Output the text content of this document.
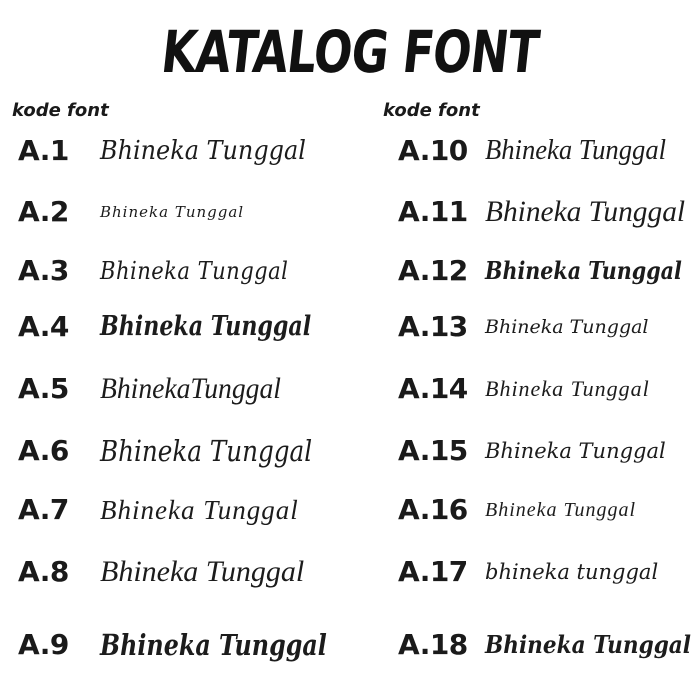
KATALOG FONT
kode font	kode font
A.1 Bhineka Tunggal
A.2 Bhineka Tunggal
A.3 Bhineka Tunggal
A.4 Bhineka Tunggal
A.5 BhinekaTunggal
A.6 Bhineka Tunggal
A.7 Bhineka Tunggal
A.8 Bhineka Tunggal
A.9 Bhineka Tunggal
A.10 Bhineka Tunggal
A.11 Bhineka Tunggal
A.12 Bhineka Tunggal
A.13 Bhineka Tunggal
A.14 Bhineka Tunggal
A.15 Bhineka Tunggal
A.16 Bhineka Tunggal
A.17 bhineka tunggal
A.18 Bhineka Tunggal
